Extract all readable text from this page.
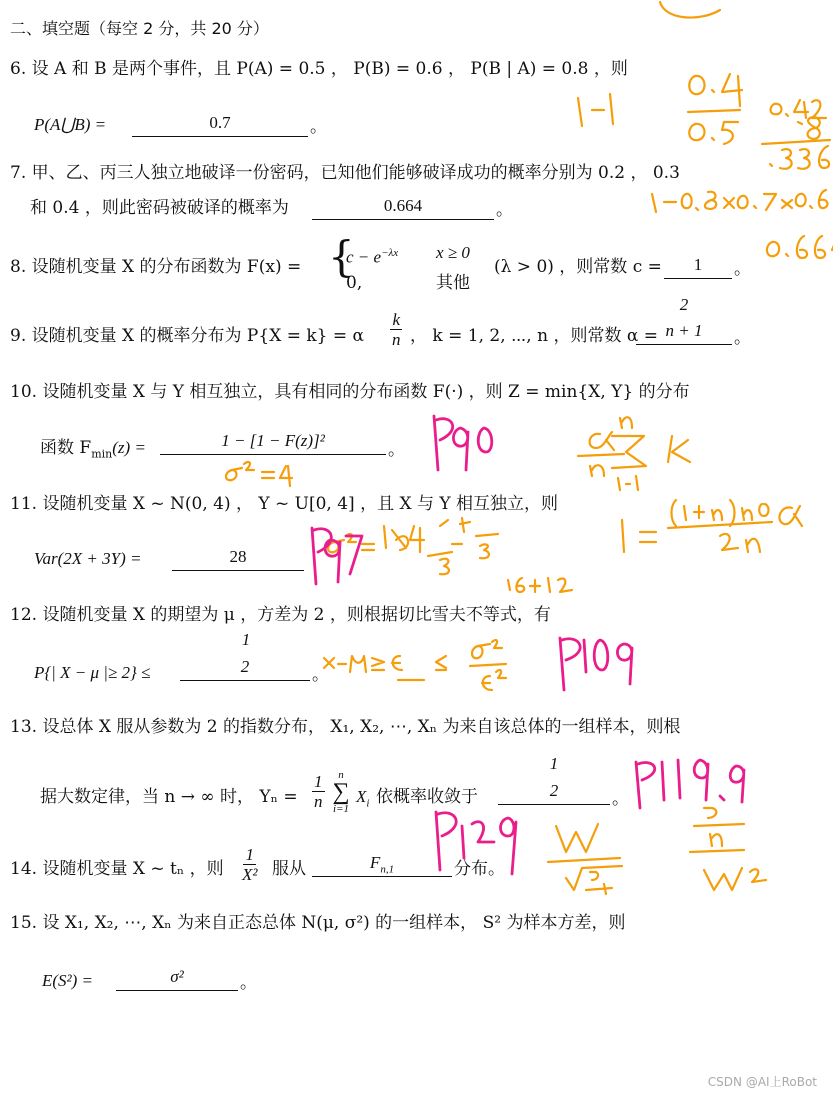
二、填空题（每空 2 分，共 20 分）
6. 设 A 和 B 是两个事件，且 P(A) = 0.5 ， P(B) = 0.6 ， P(B | A) = 0.8 ，则
P(A⋃B) =	0.7	。
7. 甲、乙、丙三人独立地破译一份密码，已知他们能够破译成功的概率分别为 0.2 ， 0.3
和 0.4 ，则此密码被破译的概率为	0.664	。
8. 设随机变量 X 的分布函数为 F(x) = {
$c - e^{-\lambda x}$ x ≥ 0
0,	其他
(λ > 0) ，则常数 c =	1	。
9. 设随机变量 X 的概率分布为 P{X = k} = α $\frac{k}{n}$ ， k = 1, 2, ⋯, n ，则常数 α =
2
n + 1	。
10. 设随机变量 X 与 Y 相互独立，具有相同的分布函数 F(·) ，则 Z = min{X, Y} 的分布
函数 $F_{min}(z)$ =	1 − [1 − F(z)]²	。
11. 设随机变量 X ~ N(0, 4) ， Y ~ U[0, 4] ，且 X 与 Y 相互独立，则
Var(2X + 3Y) =	28
12. 设随机变量 X 的期望为 μ ，方差为 2 ，则根据切比雪夫不等式，有
P{| X − μ |≥ 2} ≤
1
2	。
13. 设总体 X 服从参数为 2 的指数分布， X₁, X₂, ⋯, Xₙ 为来自该总体的一组样本，则根
据大数定律，当 n → ∞ 时， $Y_n = \frac{1}{n}$	n
∑
i=1
$X_i$ 依概率收敛于
1
2	。
14. 设随机变量 X ~ tₙ ，则 $\frac{1}{\text{X²}}$ 服从	$F_{n,1}$	分布。
15. 设 X₁, X₂, ⋯, Xₙ 为来自正态总体 N(μ, σ²) 的一组样本， S² 为样本方差，则
E(S²) =	σ²	。
CSDN @AI上RoBot
